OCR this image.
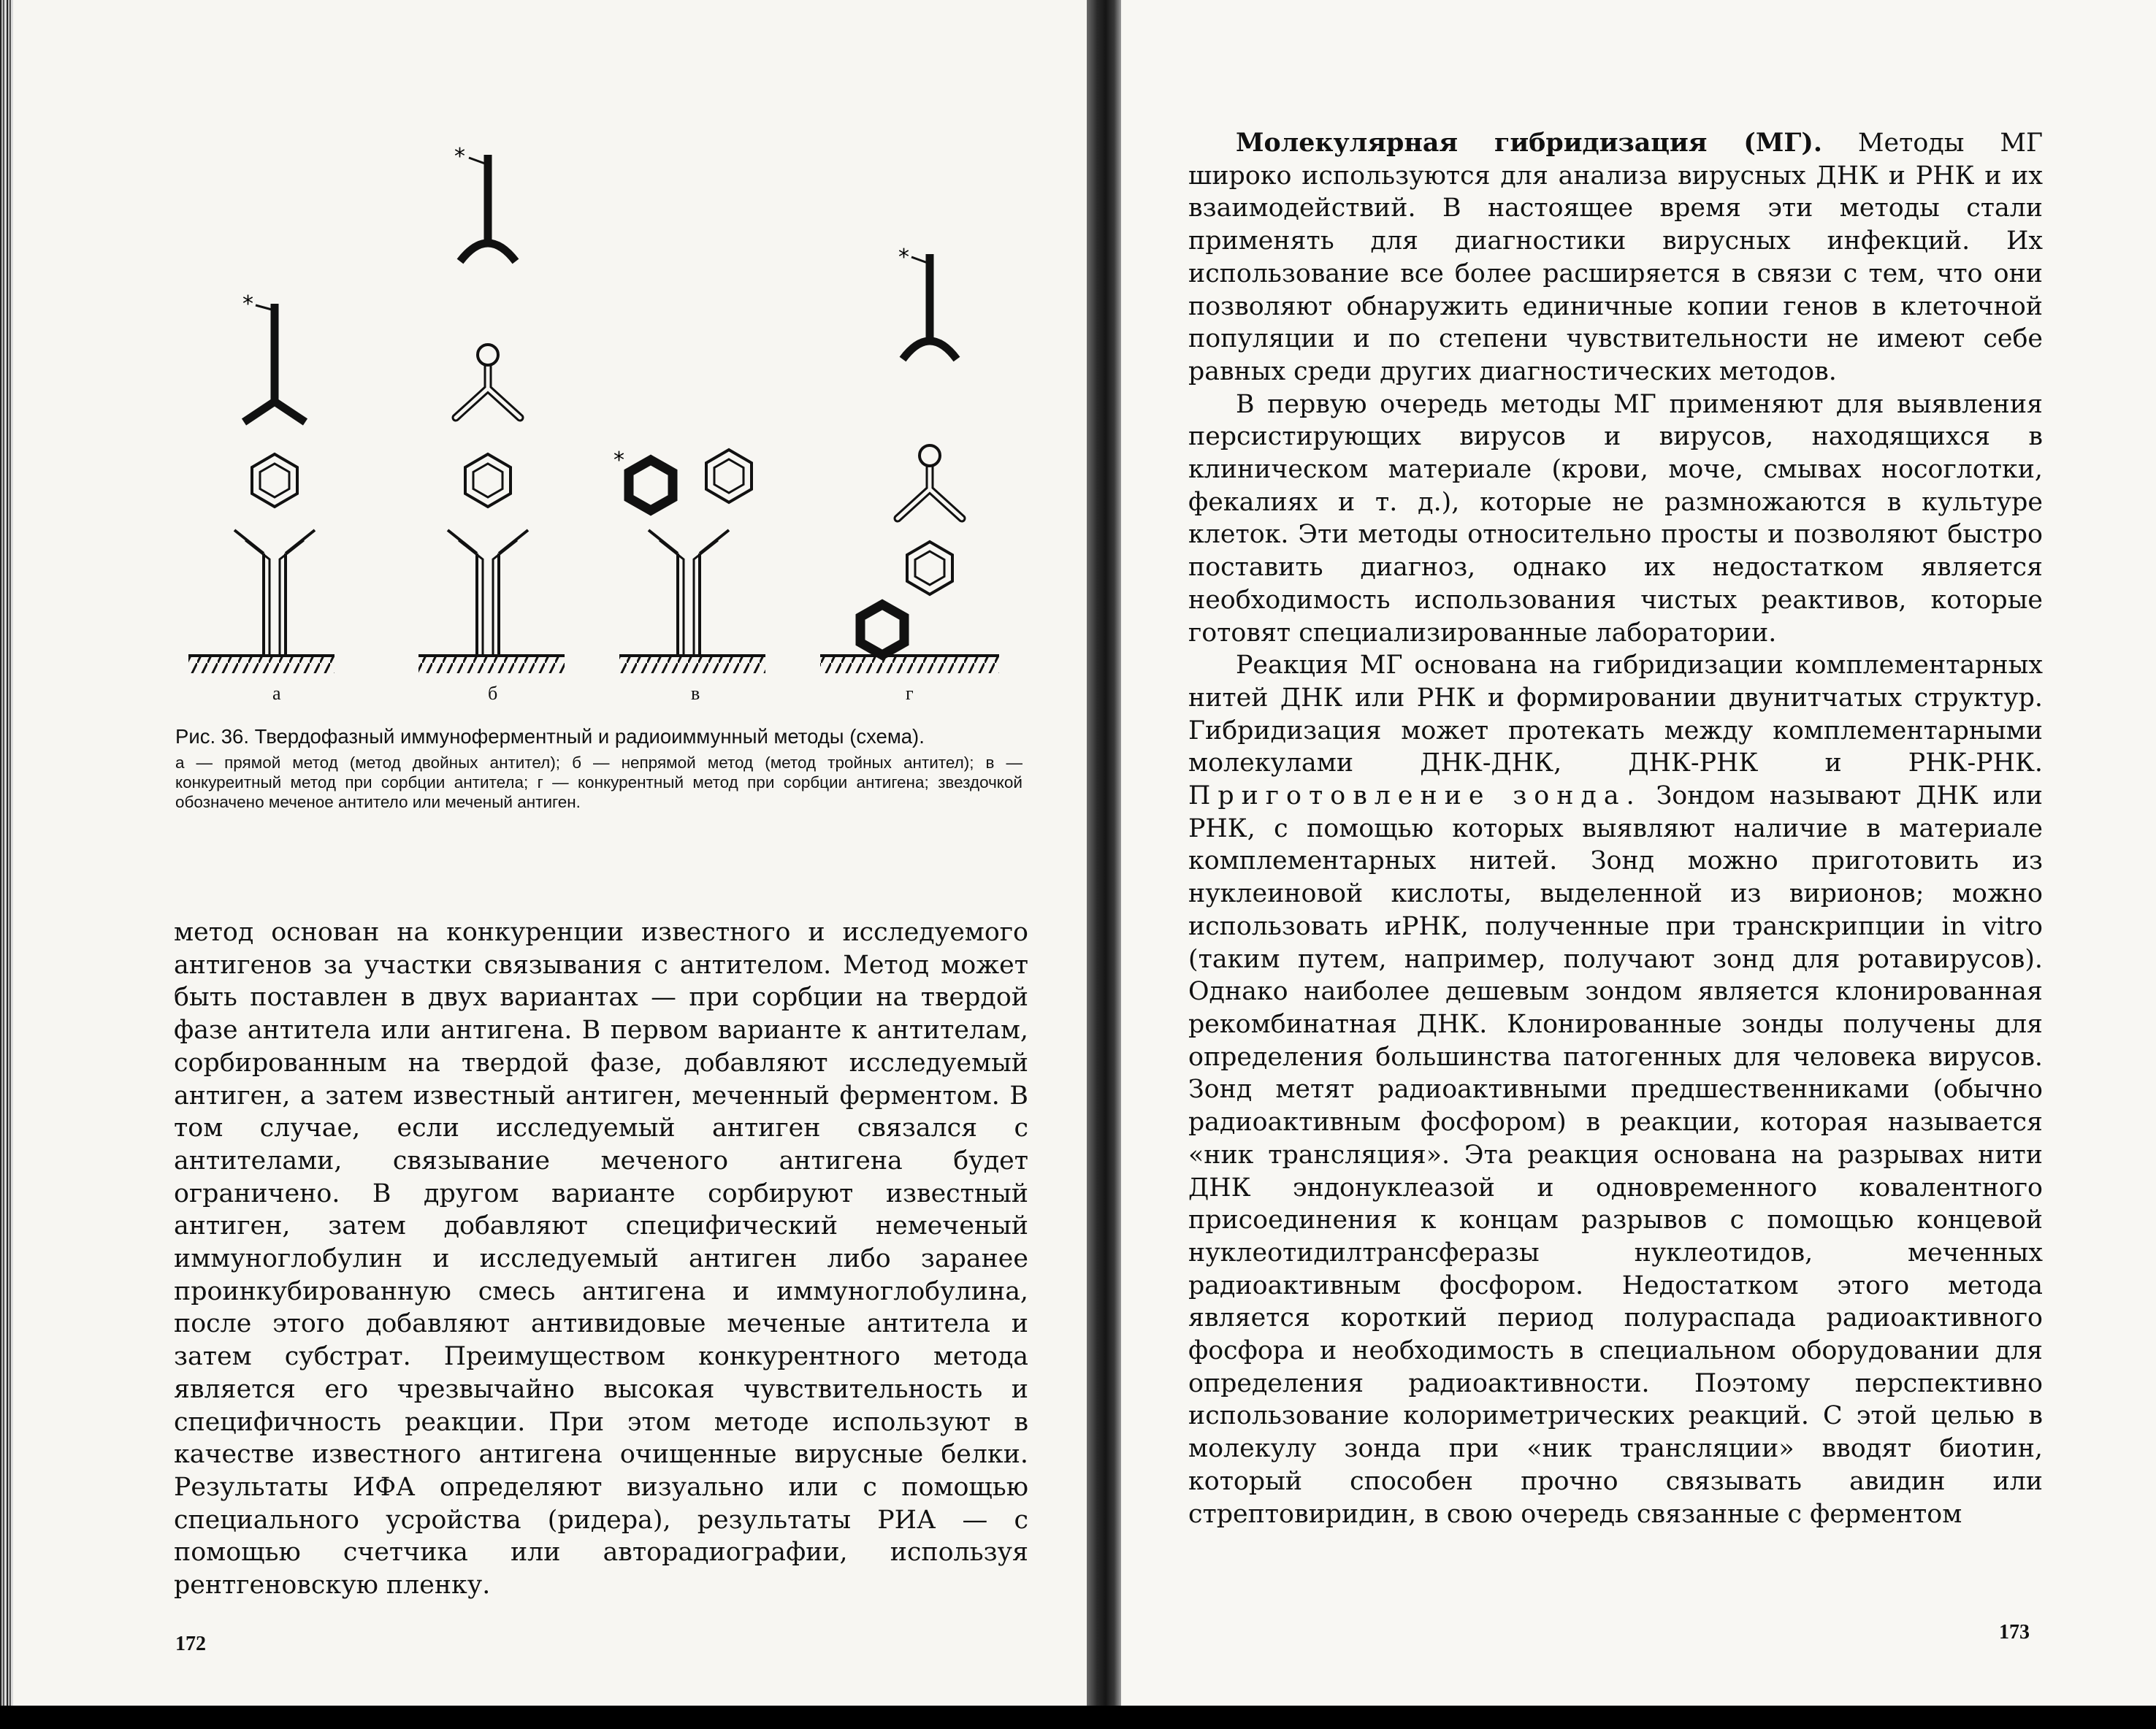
*
*
*
*
а	б	в	г

Рис. 36. Твердофазный иммуноферментный и радиоиммунный методы (схема).

а — прямой метод (метод двойных антител); б — непрямой метод (метод тройных антител); в — конкуреитный метод при сорбции антитела; г — конкурентный метод при сорбции антигена; звездочкой обозначено меченое антитело или меченый антиген.

метод основан на конкуренции известного и исследуемого антигенов за участки связывания с антителом. Метод может быть поставлен в двух вариантах — при сорбции на твердой фазе антитела или антигена. В первом варианте к антителам, сорбированным на твердой фазе, добавляют исследуемый антиген, а затем известный антиген, меченный ферментом. В том случае, если исследуемый антиген связался с антителами, связывание меченого антигена будет ограничено. В другом варианте сорбируют известный антиген, затем добавляют специфический немеченый иммуноглобулин и исследуемый антиген либо заранее проинкубированную смесь антигена и иммуноглобулина, после этого добавляют антивидовые меченые антитела и затем субстрат. Преимуществом конкурентного метода является его чрезвычайно высокая чувствительность и специфичность реакции. При этом методе используют в качестве известного антигена очищенные вирусные белки. Результаты ИФА определяют визуально или с помощью специального усройства (ридера), результаты РИА — с помощью счетчика или авторадиографии, используя рентгеновскую пленку.

172

Молекулярная гибридизация (МГ). Методы МГ широко используются для анализа вирусных ДНК и РНК и их взаимодействий. В настоящее время эти методы стали применять для диагностики вирусных инфекций. Их использование все более расширяется в связи с тем, что они позволяют обнаружить единичные копии генов в клеточной популяции и по степени чувствительности не имеют себе равных среди других диагностических методов.

В первую очередь методы МГ применяют для выявления персистирующих вирусов и вирусов, находящихся в клиническом материале (крови, моче, смывах носоглотки, фекалиях и т. д.), которые не размножаются в культуре клеток. Эти методы относительно просты и позволяют быстро поставить диагноз, однако их недостатком является необходимость использования чистых реактивов, которые готовят специализированные лаборатории.

Реакция МГ основана на гибридизации комплементарных нитей ДНК или РНК и формировании двунитчатых структур. Гибридизация может протекать между комплементарными молекулами ДНК-ДНК, ДНК-РНК и РНК-РНК. Приготовление зонда. Зондом называют ДНК или РНК, с помощью которых выявляют наличие в материале комплементарных нитей. Зонд можно приготовить из нуклеиновой кислоты, выделенной из вирионов; можно использовать иРНК, полученные при транскрипции in vitro (таким путем, например, получают зонд для ротавирусов). Однако наиболее дешевым зондом является клонированная рекомбинатная ДНК. Клонированные зонды получены для определения большинства патогенных для человека вирусов. Зонд метят радиоактивными предшественниками (обычно радиоактивным фосфором) в реакции, которая называется «ник трансляция». Эта реакция основана на разрывах нити ДНК эндонуклеазой и одновременного ковалентного присоединения к концам разрывов с помощью концевой нуклеотидилтрансферазы нуклеотидов, меченных радиоактивным фосфором. Недостатком этого метода является короткий период полураспада радиоактивного фосфора и необходимость в специальном оборудовании для определения радиоактивности. Поэтому перспективно использование колориметрических реакций. С этой целью в молекулу зонда при «ник трансляции» вводят биотин, который способен прочно связывать авидин или стрептовиридин, в свою очередь связанные с ферментом

173
